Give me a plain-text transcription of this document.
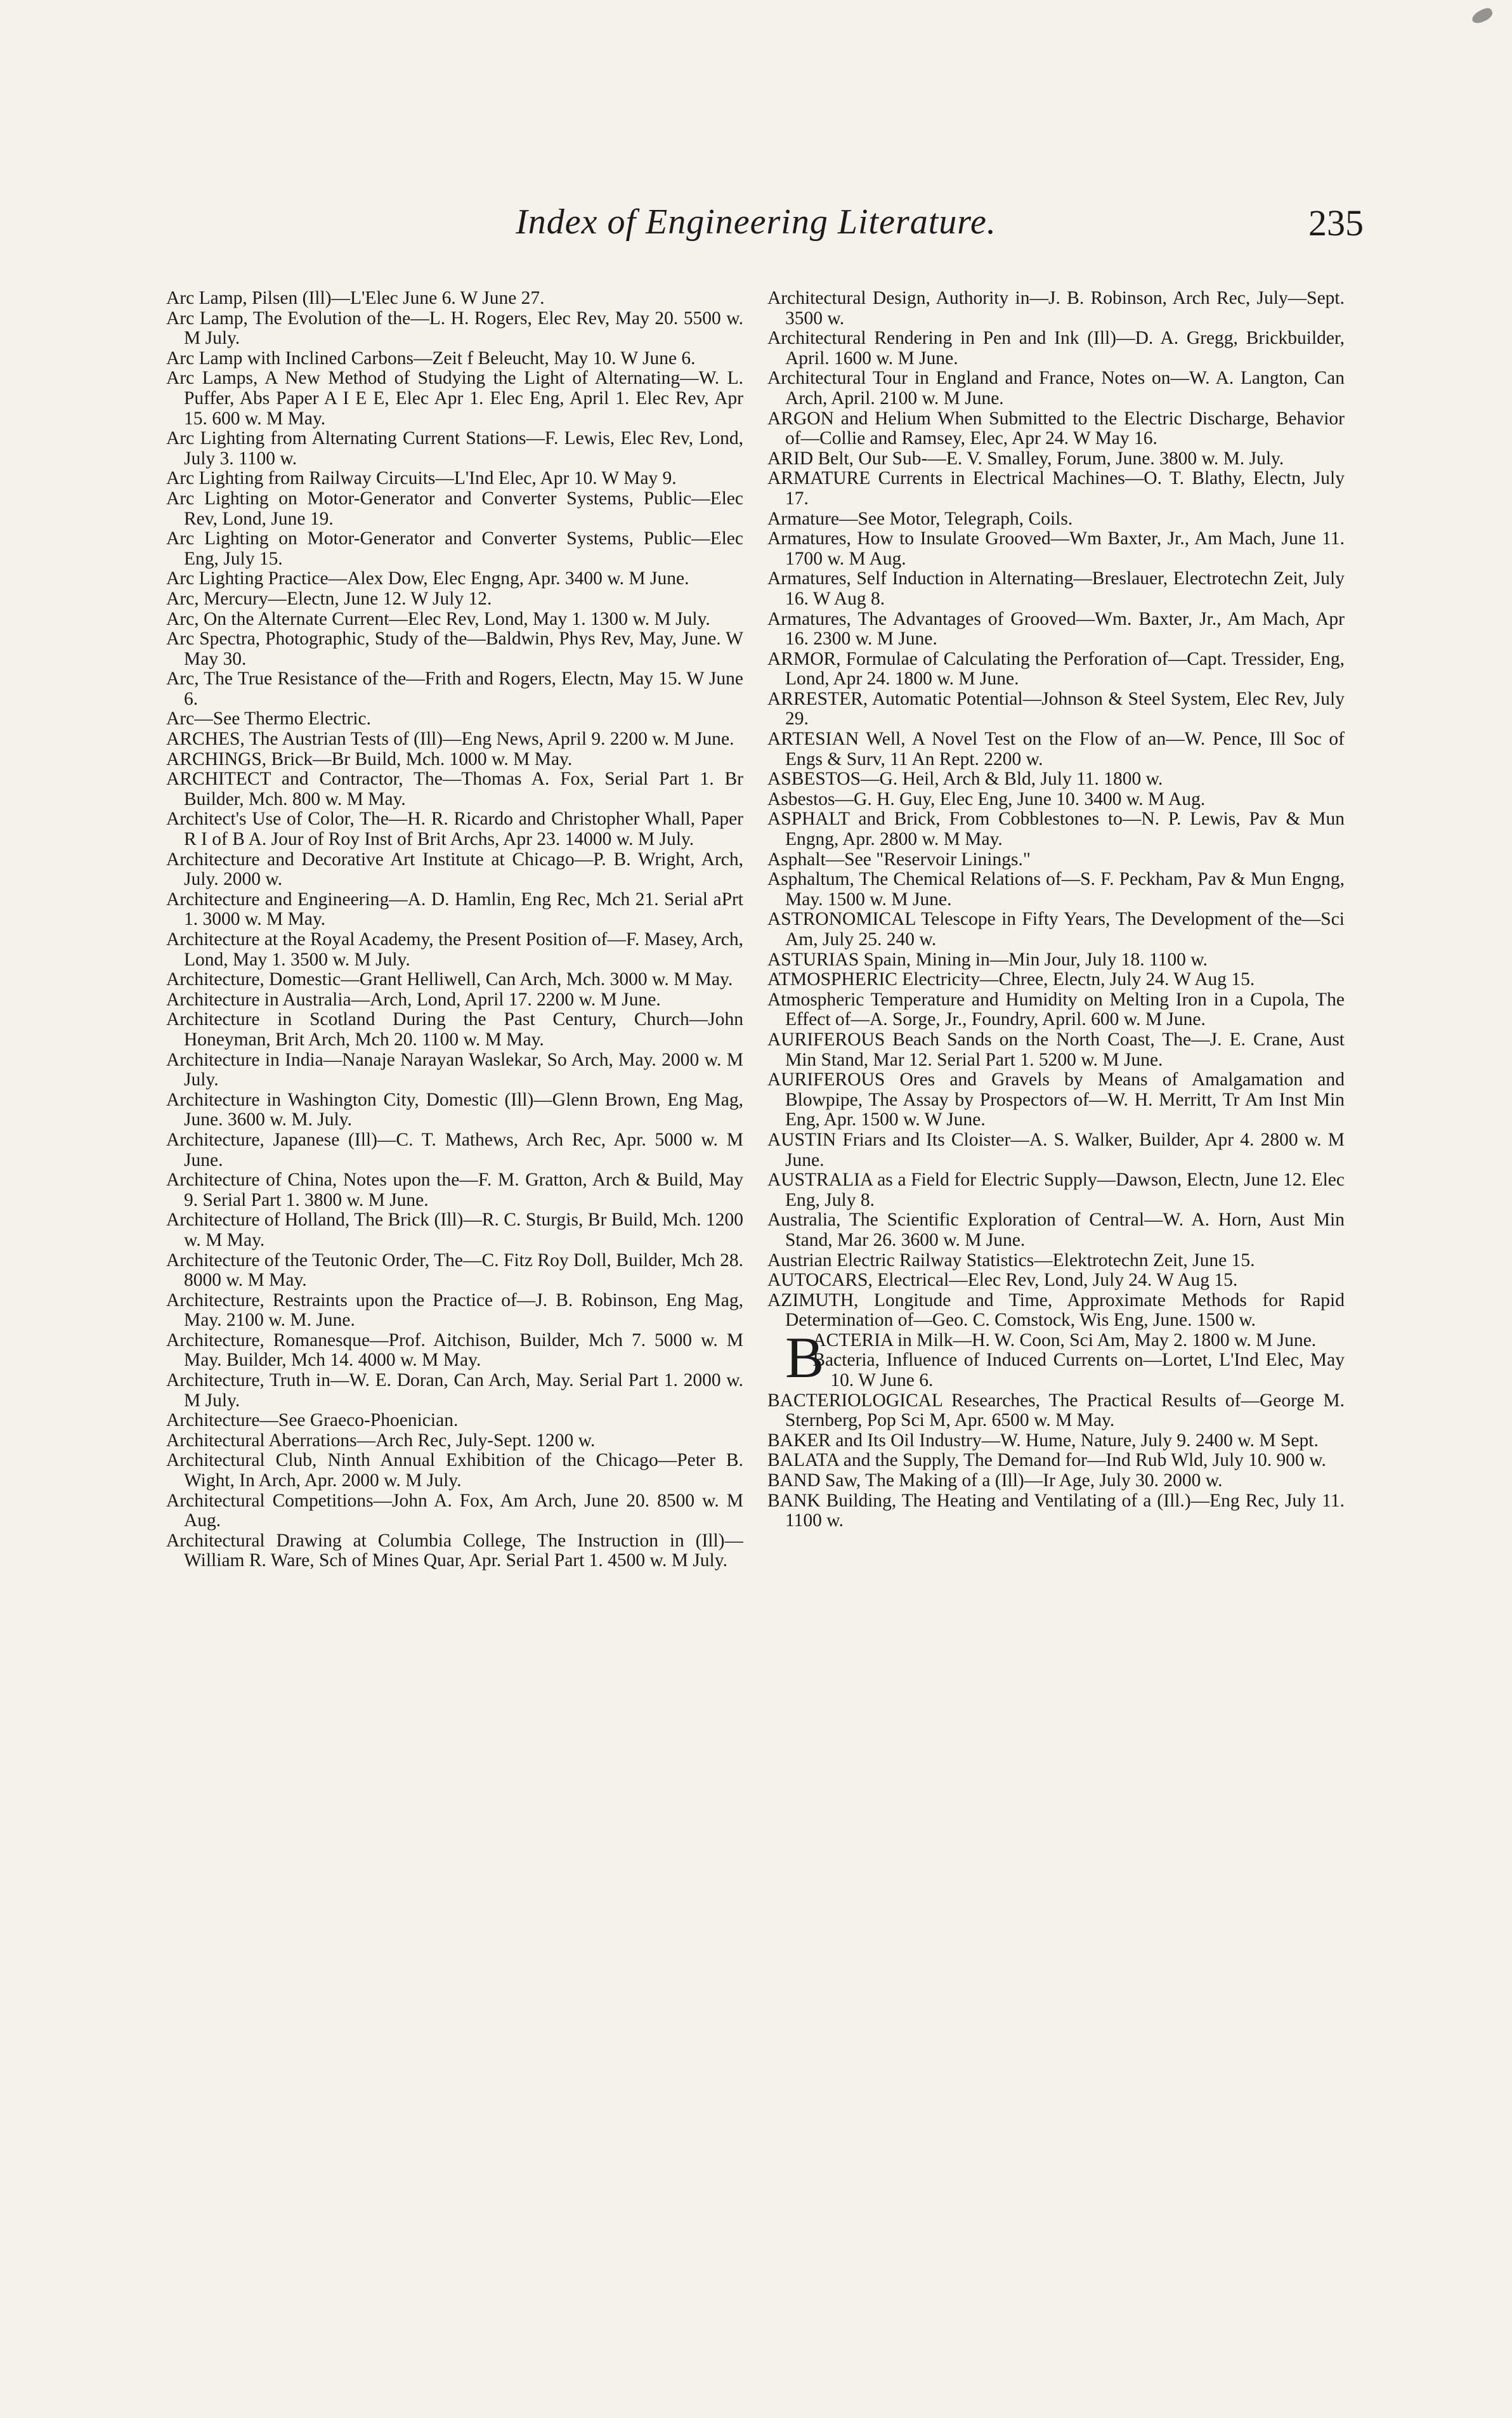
Index of Engineering Literature.	235

Arc Lamp, Pilsen (Ill)—L'Elec June 6. W June 27.

Arc Lamp, The Evolution of the—L. H. Rogers, Elec Rev, May 20. 5500 w. M July.

Arc Lamp with Inclined Carbons—Zeit f Beleucht, May 10. W June 6.

Arc Lamps, A New Method of Studying the Light of Alternating—W. L. Puffer, Abs Paper A I E E, Elec Apr 1. Elec Eng, April 1. Elec Rev, Apr 15. 600 w. M May.

Arc Lighting from Alternating Current Stations—F. Lewis, Elec Rev, Lond, July 3. 1100 w.

Arc Lighting from Railway Circuits—L'Ind Elec, Apr 10. W May 9.

Arc Lighting on Motor-Generator and Converter Systems, Public—Elec Rev, Lond, June 19.

Arc Lighting on Motor-Generator and Converter Systems, Public—Elec Eng, July 15.

Arc Lighting Practice—Alex Dow, Elec Engng, Apr. 3400 w. M June.

Arc, Mercury—Electn, June 12. W July 12.

Arc, On the Alternate Current—Elec Rev, Lond, May 1. 1300 w. M July.

Arc Spectra, Photographic, Study of the—Baldwin, Phys Rev, May, June. W May 30.

Arc, The True Resistance of the—Frith and Rogers, Electn, May 15. W June 6.

Arc—See Thermo Electric.

ARCHES, The Austrian Tests of (Ill)—Eng News, April 9. 2200 w. M June.

ARCHINGS, Brick—Br Build, Mch. 1000 w. M May.

ARCHITECT and Contractor, The—Thomas A. Fox, Serial Part 1. Br Builder, Mch. 800 w. M May.

Architect's Use of Color, The—H. R. Ricardo and Christopher Whall, Paper R I of B A. Jour of Roy Inst of Brit Archs, Apr 23. 14000 w. M July.

Architecture and Decorative Art Institute at Chicago—P. B. Wright, Arch, July. 2000 w.

Architecture and Engineering—A. D. Hamlin, Eng Rec, Mch 21. Serial aPrt 1. 3000 w. M May.

Architecture at the Royal Academy, the Present Position of—F. Masey, Arch, Lond, May 1. 3500 w. M July.

Architecture, Domestic—Grant Helliwell, Can Arch, Mch. 3000 w. M May.

Architecture in Australia—Arch, Lond, April 17. 2200 w. M June.

Architecture in Scotland During the Past Century, Church—John Honeyman, Brit Arch, Mch 20. 1100 w. M May.

Architecture in India—Nanaje Narayan Waslekar, So Arch, May. 2000 w. M July.

Architecture in Washington City, Domestic (Ill)—Glenn Brown, Eng Mag, June. 3600 w. M. July.

Architecture, Japanese (Ill)—C. T. Mathews, Arch Rec, Apr. 5000 w. M June.

Architecture of China, Notes upon the—F. M. Gratton, Arch & Build, May 9. Serial Part 1. 3800 w. M June.

Architecture of Holland, The Brick (Ill)—R. C. Sturgis, Br Build, Mch. 1200 w. M May.

Architecture of the Teutonic Order, The—C. Fitz Roy Doll, Builder, Mch 28. 8000 w. M May.

Architecture, Restraints upon the Practice of—J. B. Robinson, Eng Mag, May. 2100 w. M. June.

Architecture, Romanesque—Prof. Aitchison, Builder, Mch 7. 5000 w. M May. Builder, Mch 14. 4000 w. M May.

Architecture, Truth in—W. E. Doran, Can Arch, May. Serial Part 1. 2000 w. M July.

Architecture—See Graeco-Phoenician.

Architectural Aberrations—Arch Rec, July-Sept. 1200 w.

Architectural Club, Ninth Annual Exhibition of the Chicago—Peter B. Wight, In Arch, Apr. 2000 w. M July.

Architectural Competitions—John A. Fox, Am Arch, June 20. 8500 w. M Aug.

Architectural Drawing at Columbia College, The Instruction in (Ill)—William R. Ware, Sch of Mines Quar, Apr. Serial Part 1. 4500 w. M July.

Architectural Design, Authority in—J. B. Robinson, Arch Rec, July—Sept. 3500 w.

Architectural Rendering in Pen and Ink (Ill)—D. A. Gregg, Brickbuilder, April. 1600 w. M June.

Architectural Tour in England and France, Notes on—W. A. Langton, Can Arch, April. 2100 w. M June.

ARGON and Helium When Submitted to the Electric Discharge, Behavior of—Collie and Ramsey, Elec, Apr 24. W May 16.

ARID Belt, Our Sub-—E. V. Smalley, Forum, June. 3800 w. M. July.

ARMATURE Currents in Electrical Machines—O. T. Blathy, Electn, July 17.

Armature—See Motor, Telegraph, Coils.

Armatures, How to Insulate Grooved—Wm Baxter, Jr., Am Mach, June 11. 1700 w. M Aug.

Armatures, Self Induction in Alternating—Breslauer, Electrotechn Zeit, July 16. W Aug 8.

Armatures, The Advantages of Grooved—Wm. Baxter, Jr., Am Mach, Apr 16. 2300 w. M June.

ARMOR, Formulae of Calculating the Perforation of—Capt. Tressider, Eng, Lond, Apr 24. 1800 w. M June.

ARRESTER, Automatic Potential—Johnson & Steel System, Elec Rev, July 29.

ARTESIAN Well, A Novel Test on the Flow of an—W. Pence, Ill Soc of Engs & Surv, 11 An Rept. 2200 w.

ASBESTOS—G. Heil, Arch & Bld, July 11. 1800 w.

Asbestos—G. H. Guy, Elec Eng, June 10. 3400 w. M Aug.

ASPHALT and Brick, From Cobblestones to—N. P. Lewis, Pav & Mun Engng, Apr. 2800 w. M May.

Asphalt—See "Reservoir Linings."

Asphaltum, The Chemical Relations of—S. F. Peckham, Pav & Mun Engng, May. 1500 w. M June.

ASTRONOMICAL Telescope in Fifty Years, The Development of the—Sci Am, July 25. 240 w.

ASTURIAS Spain, Mining in—Min Jour, July 18. 1100 w.

ATMOSPHERIC Electricity—Chree, Electn, July 24. W Aug 15.

Atmospheric Temperature and Humidity on Melting Iron in a Cupola, The Effect of—A. Sorge, Jr., Foundry, April. 600 w. M June.

AURIFEROUS Beach Sands on the North Coast, The—J. E. Crane, Aust Min Stand, Mar 12. Serial Part 1. 5200 w. M June.

AURIFEROUS Ores and Gravels by Means of Amalgamation and Blowpipe, The Assay by Prospectors of—W. H. Merritt, Tr Am Inst Min Eng, Apr. 1500 w. W June.

AUSTIN Friars and Its Cloister—A. S. Walker, Builder, Apr 4. 2800 w. M June.

AUSTRALIA as a Field for Electric Supply—Dawson, Electn, June 12. Elec Eng, July 8.

Australia, The Scientific Exploration of Central—W. A. Horn, Aust Min Stand, Mar 26. 3600 w. M June.

Austrian Electric Railway Statistics—Elektrotechn Zeit, June 15.

AUTOCARS, Electrical—Elec Rev, Lond, July 24. W Aug 15.

AZIMUTH, Longitude and Time, Approximate Methods for Rapid Determination of—Geo. C. Comstock, Wis Eng, June. 1500 w.

BACTERIA in Milk—H. W. Coon, Sci Am, May 2. 1800 w. M June.

Bacteria, Influence of Induced Currents on—Lortet, L'Ind Elec, May 10. W June 6.

BACTERIOLOGICAL Researches, The Practical Results of—George M. Sternberg, Pop Sci M, Apr. 6500 w. M May.

BAKER and Its Oil Industry—W. Hume, Nature, July 9. 2400 w. M Sept.

BALATA and the Supply, The Demand for—Ind Rub Wld, July 10. 900 w.

BAND Saw, The Making of a (Ill)—Ir Age, July 30. 2000 w.

BANK Building, The Heating and Ventilating of a (Ill.)—Eng Rec, July 11. 1100 w.
